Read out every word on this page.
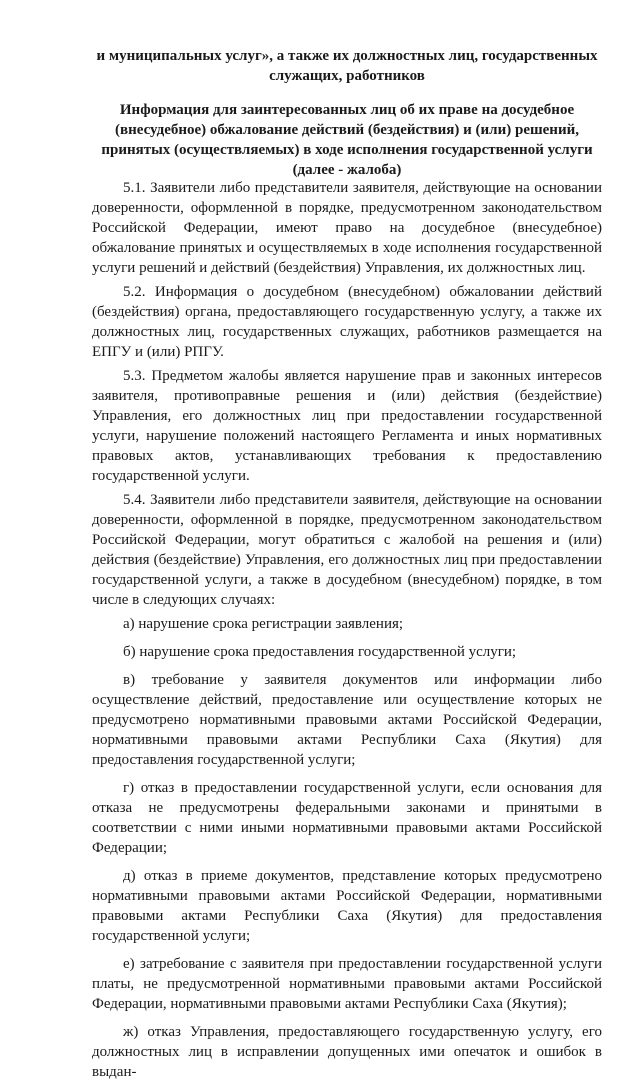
и муниципальных услуг», а также их должностных лиц, государственных служащих, работников
Информация для заинтересованных лиц об их праве на досудебное (внесудебное) обжалование действий (бездействия) и (или) решений, принятых (осуществляемых) в ходе исполнения государственной услуги (далее - жалоба)

5.1. Заявители либо представители заявителя, действующие на основании доверенности, оформленной в порядке, предусмотренном законодательством Российской Федерации, имеют право на досудебное (внесудебное) обжалование принятых и осуществляемых в ходе исполнения государственной услуги решений и действий (бездействия) Управления, их должностных лиц.

5.2. Информация о досудебном (внесудебном) обжаловании действий (бездействия) органа, предоставляющего государственную услугу, а также их должностных лиц, государственных служащих, работников размещается на ЕПГУ и (или) РПГУ.

5.3. Предметом жалобы является нарушение прав и законных интересов заявителя, противоправные решения и (или) действия (бездействие) Управления, его должностных лиц при предоставлении государственной услуги, нарушение положений настоящего Регламента и иных нормативных правовых актов, устанавливающих требования к предоставлению государственной услуги.

5.4. Заявители либо представители заявителя, действующие на основании доверенности, оформленной в порядке, предусмотренном законодательством Российской Федерации, могут обратиться с жалобой на решения и (или) действия (бездействие) Управления, его должностных лиц при предоставлении государственной услуги, а также в досудебном (внесудебном) порядке, в том числе в следующих случаях:

а) нарушение срока регистрации заявления;

б) нарушение срока предоставления государственной услуги;

в) требование у заявителя документов или информации либо осуществление действий, предоставление или осуществление которых не предусмотрено нормативными правовыми актами Российской Федерации, нормативными правовыми актами Республики Саха (Якутия) для предоставления государственной услуги;

г) отказ в предоставлении государственной услуги, если основания для отказа не предусмотрены федеральными законами и принятыми в соответствии с ними иными нормативными правовыми актами Российской Федерации;

д) отказ в приеме документов, представление которых предусмотрено нормативными правовыми актами Российской Федерации, нормативными правовыми актами Республики Саха (Якутия) для предоставления государственной услуги;

е) затребование с заявителя при предоставлении государственной услуги платы, не предусмотренной нормативными правовыми актами Российской Федерации, нормативными правовыми актами Республики Саха (Якутия);

ж) отказ Управления, предоставляющего государственную услугу, его должностных лиц в исправлении допущенных ими опечаток и ошибок в выдан-
